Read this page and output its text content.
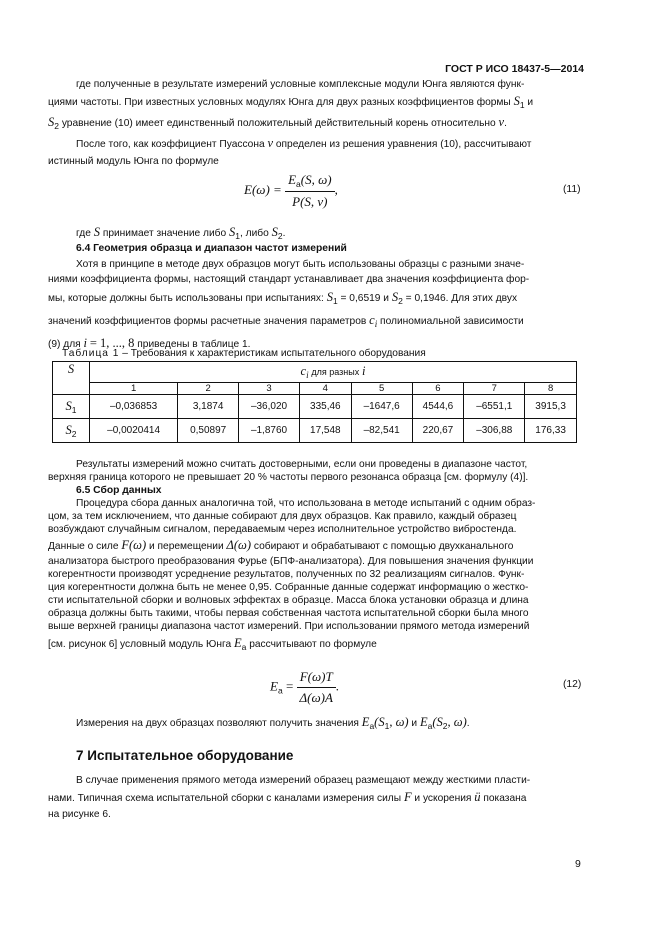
ГОСТ Р ИСО 18437-5—2014
где полученные в результате измерений условные комплексные модули Юнга являются функ-
циями частоты. При известных условных модулях Юнга для двух разных коэффициентов формы $S_1$ и
$S_2$ уравнение (10) имеет единственный положительный действительный корень относительно ν.
После того, как коэффициент Пуассона ν определен из решения уравнения (10), рассчитывают
истинный модуль Юнга по формуле
$E(\omega) = \frac{E_a(S, \omega)}{P(S, \nu)}$ ,	(11)
где S принимает значение либо $S_1$, либо $S_2$.
6.4 Геометрия образца и диапазон частот измерений
Хотя в принципе в методе двух образцов могут быть использованы образцы с разными значе-
ниями коэффициента формы, настоящий стандарт устанавливает два значения коэффициента фор-
мы, которые должны быть использованы при испытаниях: $S_1 = 0,6519$ и $S_2 = 0,1946$. Для этих двух
значений коэффициентов формы расчетные значения параметров ci полиномиальной зависимости
(9) для i = 1, ..., 8 приведены в таблице 1.
Таблица 1 – Требования к характеристикам испытательного оборудования
S	ci для разных i							
	1	2	3	4	5	6	7	8
$S_1$	–0,036853	3,1874	–36,020	335,46	–1647,6	4544,6	–6551,1	3915,3
$S_2$	–0,0020414	0,50897	–1,8760	17,548	–82,541	220,67	–306,88	176,33
Результаты измерений можно считать достоверными, если они проведены в диапазоне частот,
верхняя граница которого не превышает 20 % частоты первого резонанса образца [см. формулу (4)].
6.5 Сбор данных
Процедура сбора данных аналогична той, что использована в методе испытаний с одним образ-
цом, за тем исключением, что данные собирают для двух образцов. Как правило, каждый образец
возбуждают случайным сигналом, передаваемым через исполнительное устройство вибростенда.
Данные о силе F(ω) и перемещении Δ(ω) собирают и обрабатывают с помощью двухканального
анализатора быстрого преобразования Фурье (БПФ-анализатора). Для повышения значения функции
когерентности производят усреднение результатов, полученных по 32 реализациям сигналов. Функ-
ция когерентности должна быть не менее 0,95. Собранные данные содержат информацию о жестко-
сти испытательной сборки и волновых эффектах в образце. Масса блока установки образца и длина
образца должны быть такими, чтобы первая собственная частота испытательной сборки была много
выше верхней границы диапазона частот измерений. При использовании прямого метода измерений
[см. рисунок 6] условный модуль Юнга $E_a$ рассчитывают по формуле
$E_a = \frac{F(\omega)T}{\Delta(\omega)A}$ .	(12)
Измерения на двух образцах позволяют получить значения $E_a(S_1$, ω) и $E_a(S_2$, ω).
7 Испытательное оборудование
В случае применения прямого метода измерений образец размещают между жесткими пласти-
нами. Типичная схема испытательной сборки с каналами измерения силы F и ускорения ü показана
на рисунке 6.
9
